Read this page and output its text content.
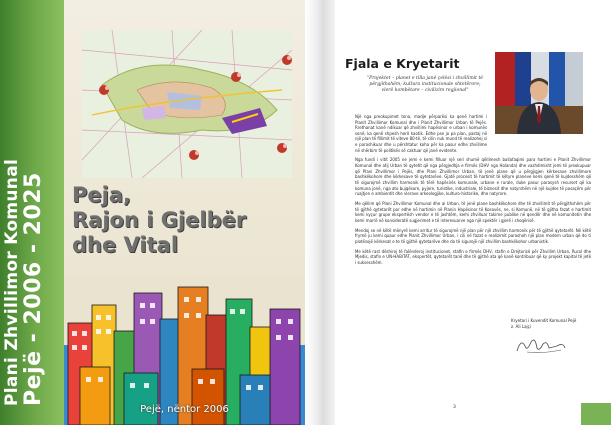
Plani Zhvillimor Komunal
Pejë - 2006 - 2025 Peja,
Rajon i Gjelbër
dhe Vital
Pejë, nëntor 2006
Fjala e Kryetarit
"Projektet – planet e tilla janë çelësi i zhvillimit të përgjithshëm; kultura institucionale shtetërore; vlerë kombëtare – civilizim regjional"

Një nga preokupimet tona, madje përparësi ka qenë hartimi i Planit Zhvillimor Komunal dhe i Planit Zhvillimor Urban të Pejës. Rrethanat kanë ndikuar që zhvillimi hapësinor e urban i komunës sonë, ka qenë shpesh herë kaotik. Edhe pse jo pa plan, pastaj në një plan të fillimit të viteve 80-të, të cilin nuk mund të realizohej si e parashikuar dhe u përshtatur koha për ka pasur edhe zhvillime në shërbim të politikës së caktuar që janë evidente.

Nga fundi i vitit 2005 ne jemi e kemi filluar një seri shumë qëllimesh ballafaqimi para hartimi e Planit Zhvillimor Komunal dhe atij Urban të qytetit që nga përgjedhja e firmës (DHV nga Holanda) dhe vazhdimisht jemi të preokupuar që Plani Zhvillimor i Pejës, dhe Plani Zhvillimor Urban, të jenë plane që u përgjigjen kërkesave zhvillimore bashkëkohore dhe kërkesave të qytetarëve. Gjatë procesit të hartimit të këtyre planeve kemi qenë të kujdesshëm që të sigurojmë zhvillim harmonik të tërë hapësirës komunale, urbane e rurale, duke pasur parasysh resurset që ka komuna jonë, nga ato bujqësore, pyjore, turistike, industriale, të biznesit dhe natyrshëm në një kujdes të posaçëm për ruajtjen e ambientit dhe vlerave arkeologjike, kulturo-historike, dhe natyrore.

Me qëllim që Plani Zhvillimor Komunal dhe ai Urban, të jenë plane bashkëkohore dhe të zhvillimit të përgjithshëm për të gjithë qytetarët por edhe në hartimin në Planin Hapësinor të Kosovës, ne, si Komunë, në të gjitha fazat e hartimit kemi kyçur grupe ekspertësh vendor e të jashtëm, kemi zhvilluar takime publike në qendër dhe në komunitetin dhe kemi marrë në konsideratë sugjerimet e të interesuarve nga një spektër i gjerë i shoqërisë.

Mendoj se në këtë mënyrë kemi arritur të sigurojmë një plan për një zhvillim harmonik për të gjithë qytetarët. Në këtë frymë ju kemi quaur edhe Planit Zhvillimor Urban, i cili në fazat e realizimit parashoh një plan modern urban që do ti plotësojë kërkesat e te të gjithë qytetarëve dhe do të sigurojë një zhvillim bashkëkohor urbanistik.

Me këtë rast dëshiroj të falënderoj institucionet, stafin e firmës DHV, stafin e Drejtorisë për Zhvillim Urban, Rural dhe Mjedis, stafin e UN-HABITAT, ekspertët, qytetarët tanë dhe të gjithë ata që kanë kontribuar që ky projekt kapital të jetë i suksesshëm.

Kryetari i Kuvendit Komunal Pejë
z. Ali Lajçi
3
